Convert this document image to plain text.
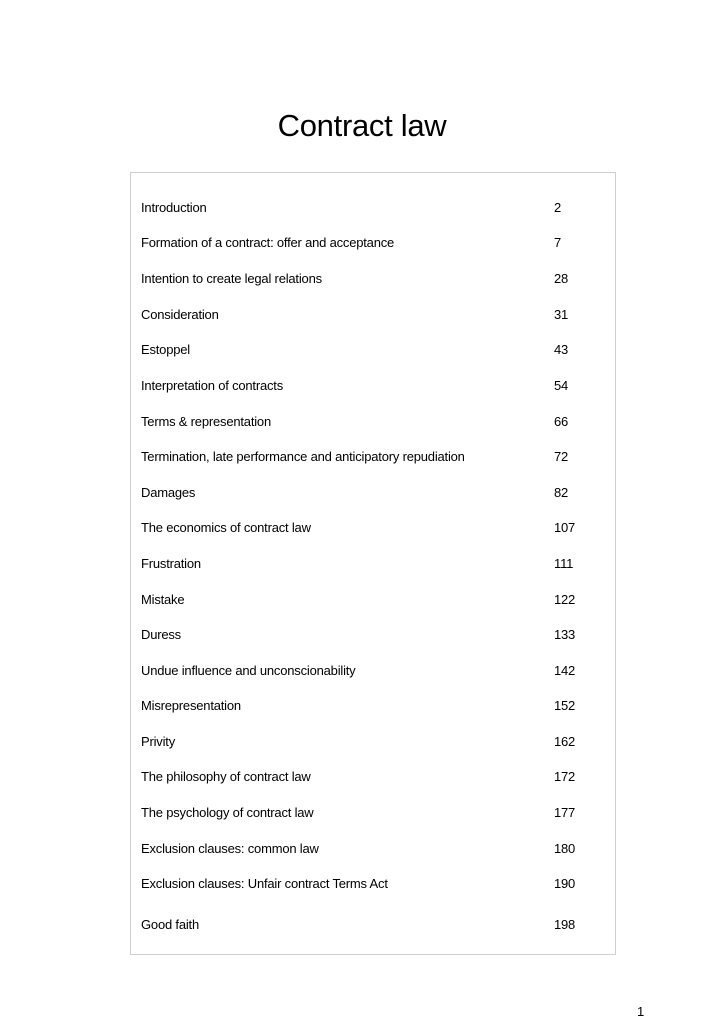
Contract law
Introduction	2
Formation of a contract: offer and acceptance	7
Intention to create legal relations	28
Consideration	31
Estoppel	43
Interpretation of contracts	54
Terms & representation	66
Termination, late performance and anticipatory repudiation	72
Damages	82
The economics of contract law	107
Frustration	111
Mistake	122
Duress	133
Undue influence and unconscionability	142
Misrepresentation	152
Privity	162
The philosophy of contract law	172
The psychology of contract law	177
Exclusion clauses: common law	180
Exclusion clauses: Unfair contract Terms Act	190
Good faith	198
1
